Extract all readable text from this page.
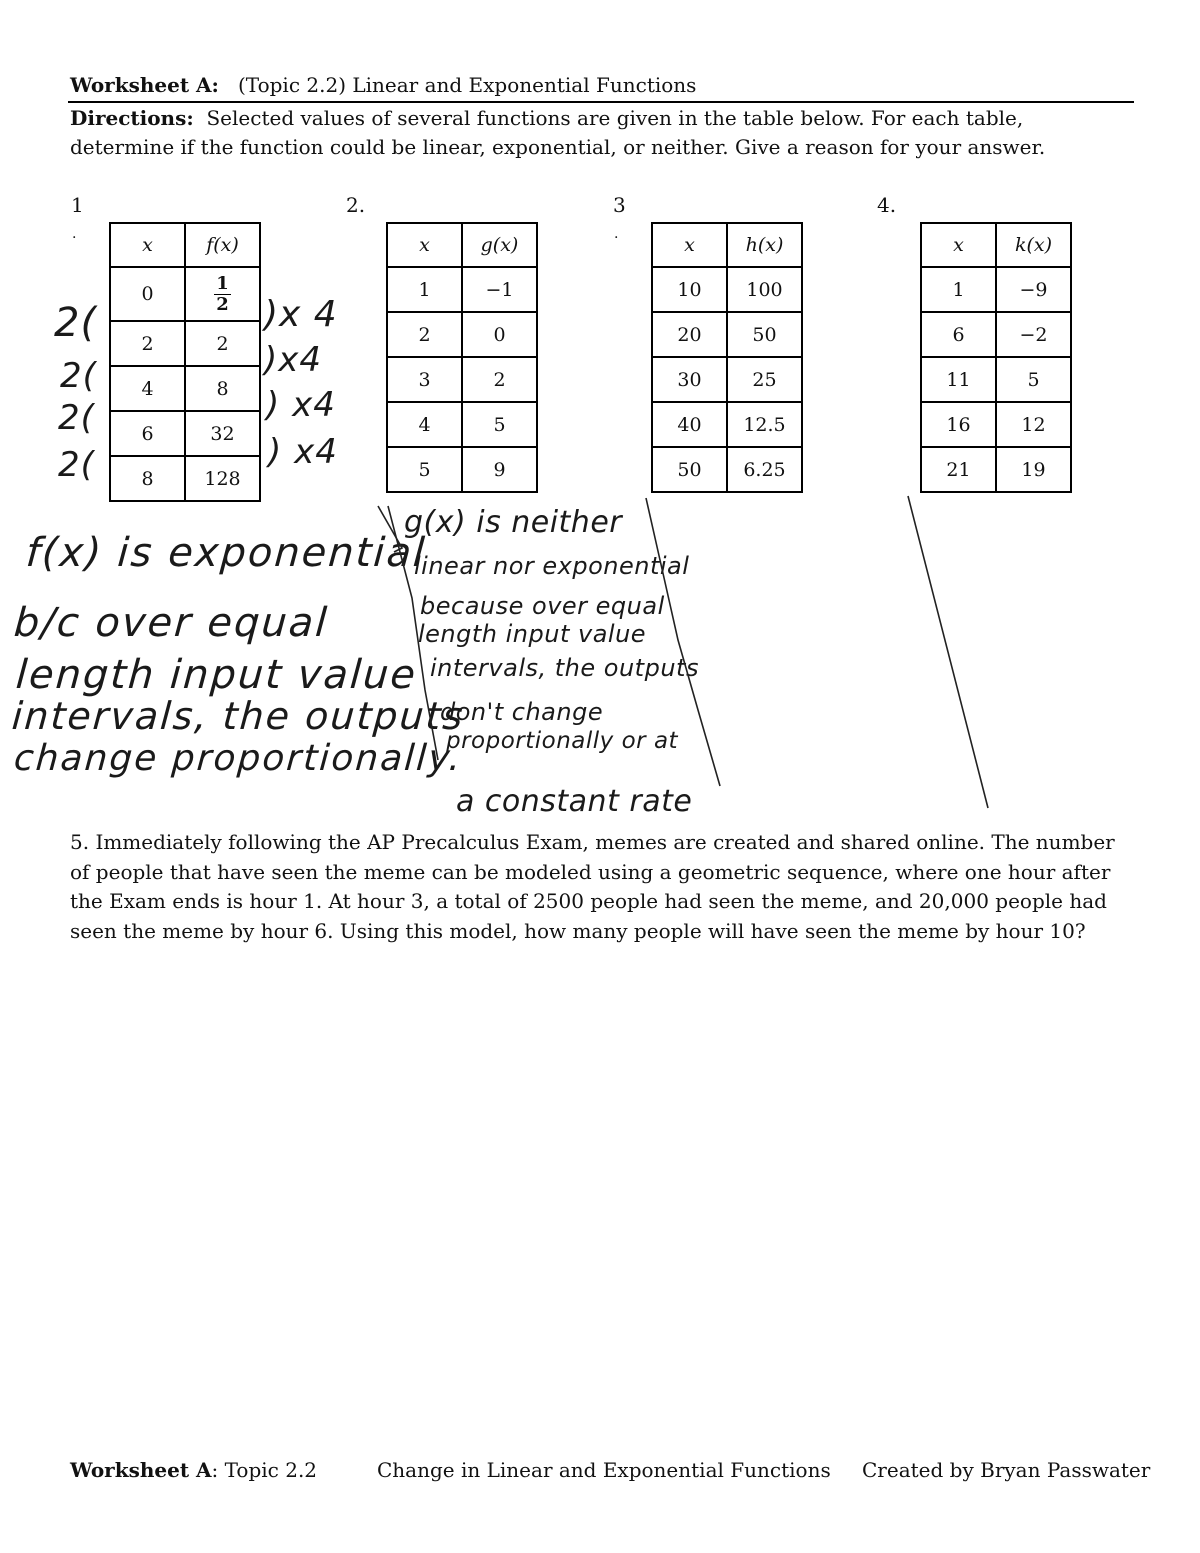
Worksheet A: (Topic 2.2) Linear and Exponential Functions
Directions: Selected values of several functions are given in the table below. For each table, determine if the function could be linear, exponential, or neither. Give a reason for your answer.
1
.
2.	3
.
4.
x	f(x)
0	$\frac{1}{2}$

2	2
4	8
6	32
8	128
x	g(x)
1	−1
2	0
3	2
4	5
5	9
x	h(x)
10	100
20	50
30	25
40	12.5
50	6.25
x	k(x)
1	−9
6	−2
11	5
16	12
21	19
2(
2(
2(
2(
)x 4
)x4
) x4
) x4
f(x) is exponential
b/c over equal
length input value
intervals, the outputs
change proportionally.
g(x) is neither
linear nor exponential
because over equal
length input value
intervals, the outputs
don't change
proportionally or at
a constant rate
5. Immediately following the AP Precalculus Exam, memes are created and shared online. The number of people that have seen the meme can be modeled using a geometric sequence, where one hour after the Exam ends is hour 1. At hour 3, a total of 2500 people had seen the meme, and 20,000 people had seen the meme by hour 6. Using this model, how many people will have seen the meme by hour 10?
Worksheet A: Topic 2.2	Change in Linear and Exponential Functions Created by Bryan Passwater
